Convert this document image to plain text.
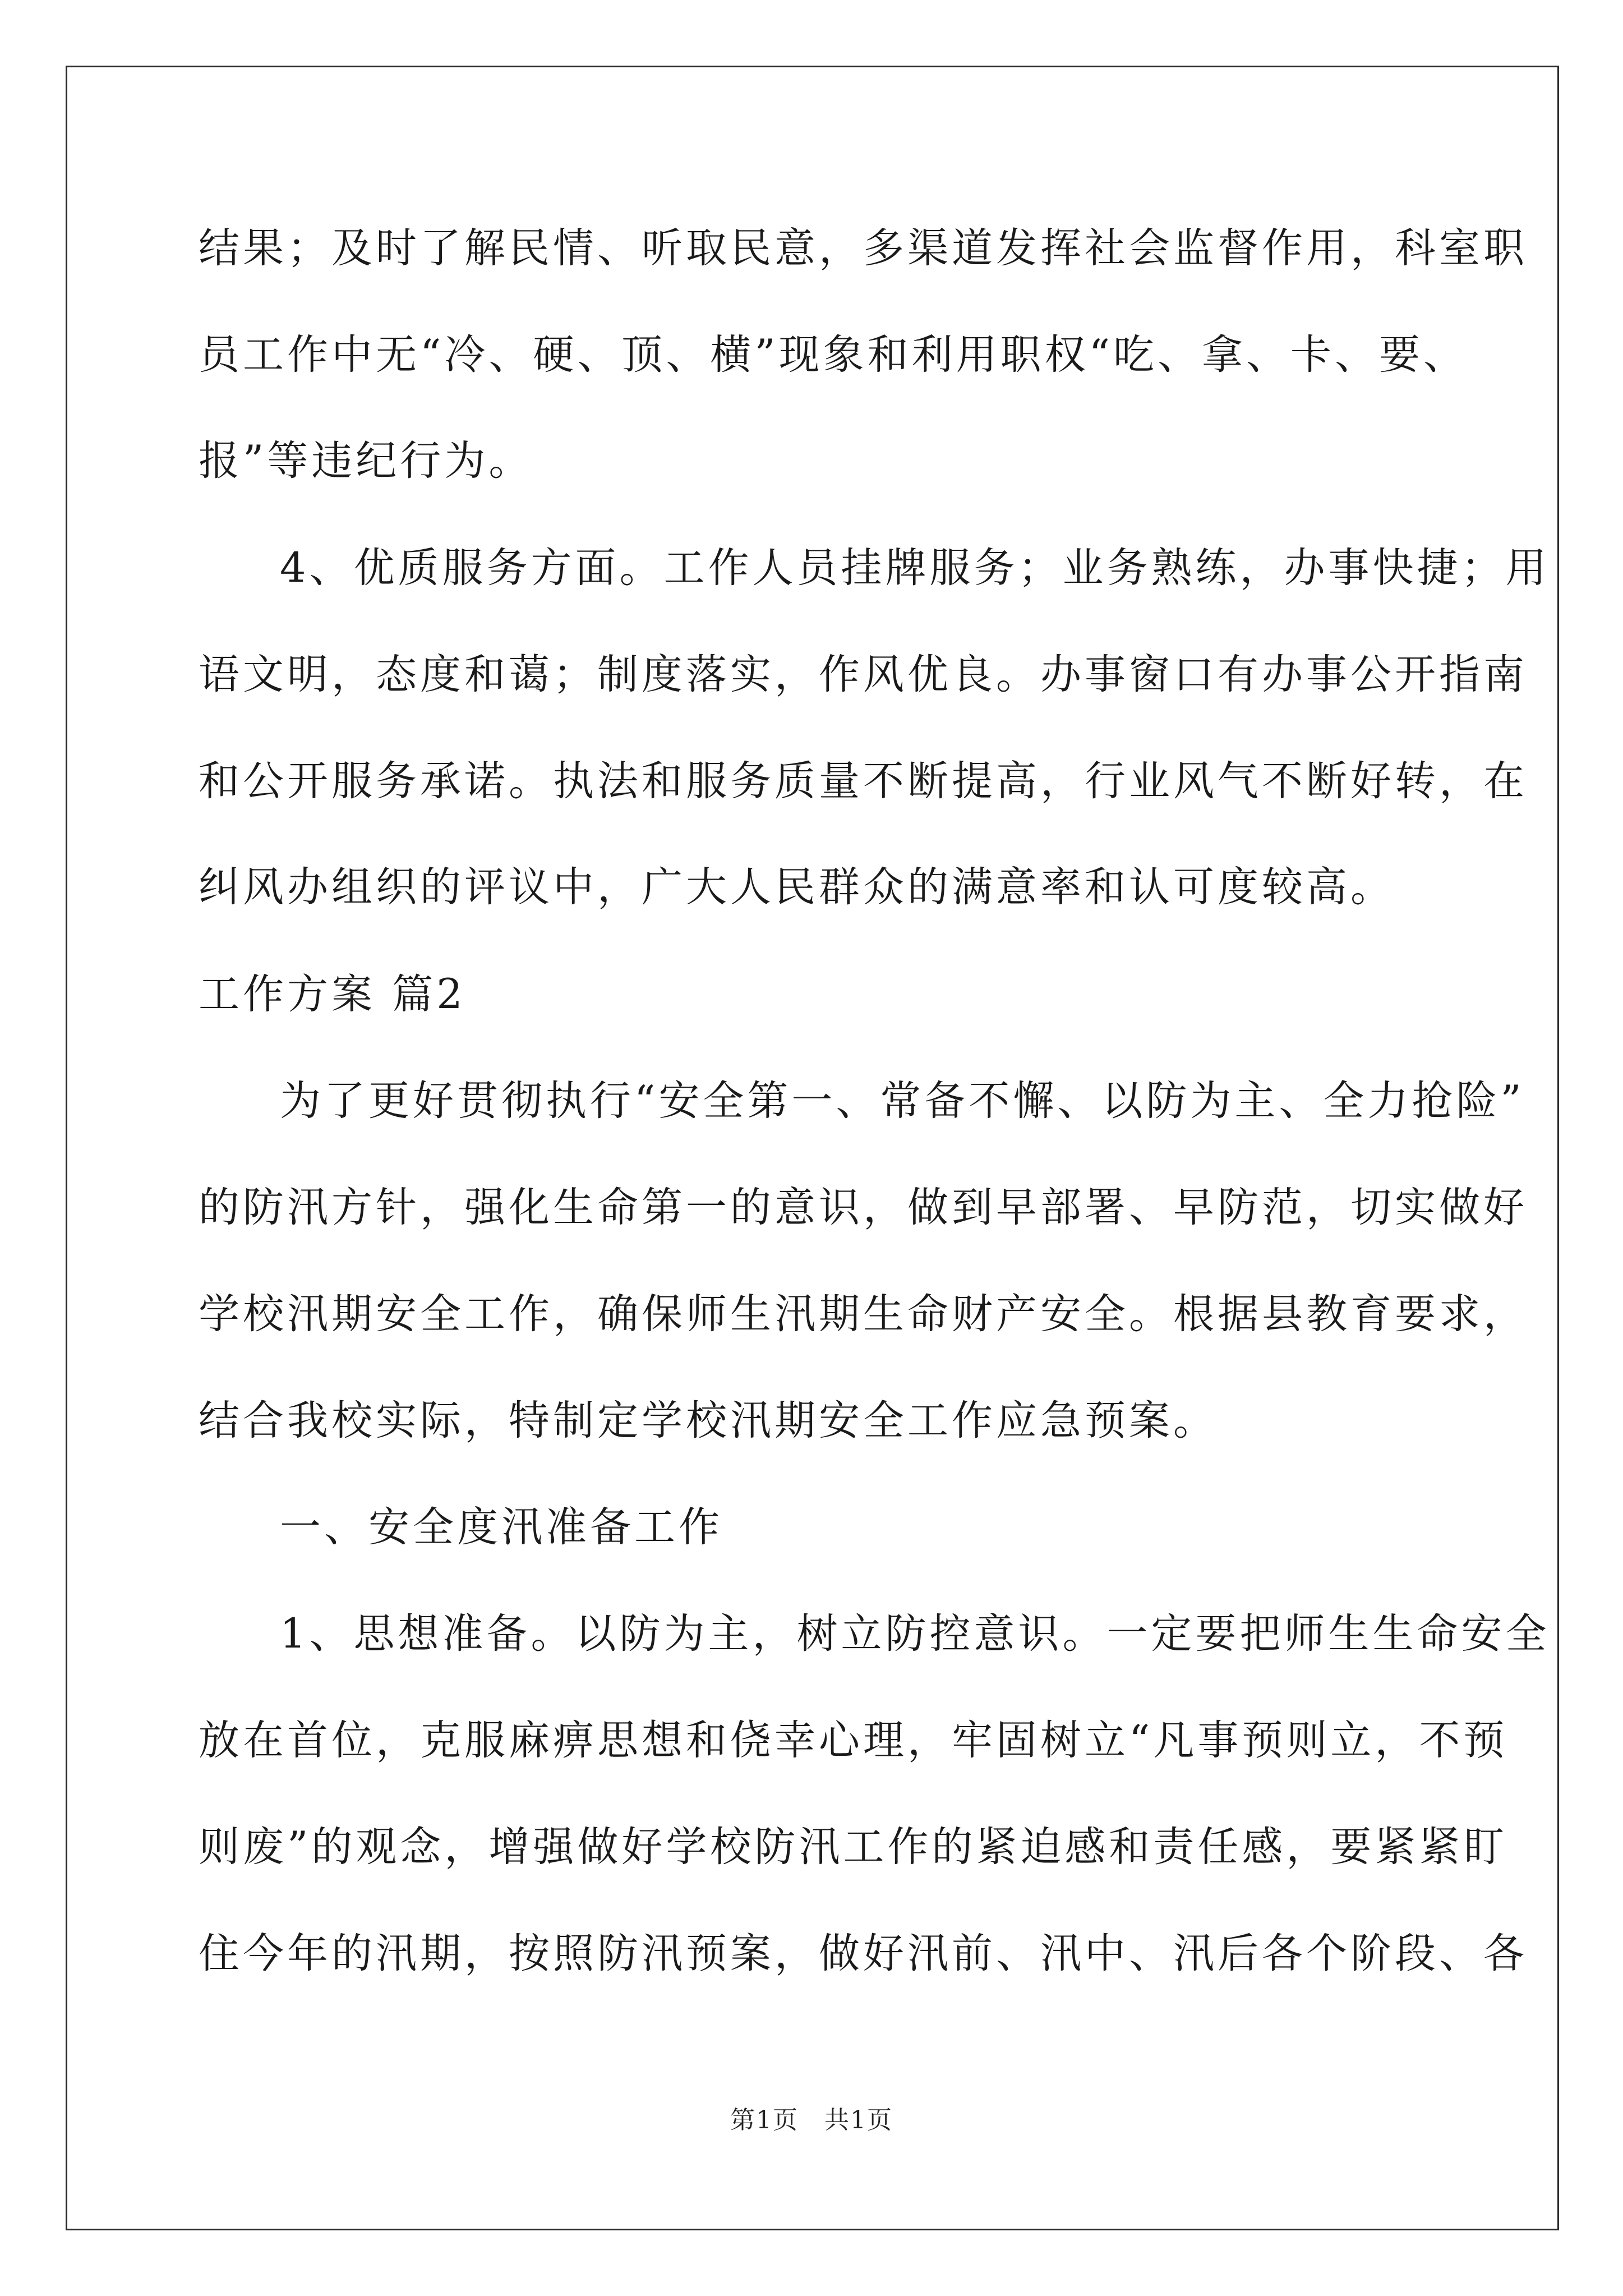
结果；及时了解民情、听取民意，多渠道发挥社会监督作用，科室职
员工作中无“冷、硬、顶、横”现象和利用职权“吃、拿、卡、要、
报”等违纪行为。
4、优质服务方面。工作人员挂牌服务；业务熟练，办事快捷；用
语文明，态度和蔼；制度落实，作风优良。办事窗口有办事公开指南
和公开服务承诺。执法和服务质量不断提高，行业风气不断好转，在
纠风办组织的评议中，广大人民群众的满意率和认可度较高。
工作方案 篇2
为了更好贯彻执行“安全第一、常备不懈、以防为主、全力抢险”
的防汛方针，强化生命第一的意识，做到早部署、早防范，切实做好
学校汛期安全工作，确保师生汛期生命财产安全。根据县教育要求，
结合我校实际，特制定学校汛期安全工作应急预案。
一、安全度汛准备工作
1、思想准备。以防为主，树立防控意识。一定要把师生生命安全
放在首位，克服麻痹思想和侥幸心理，牢固树立“凡事预则立，不预
则废”的观念，增强做好学校防汛工作的紧迫感和责任感，要紧紧盯
住今年的汛期，按照防汛预案，做好汛前、汛中、汛后各个阶段、各
第1页　共1页
